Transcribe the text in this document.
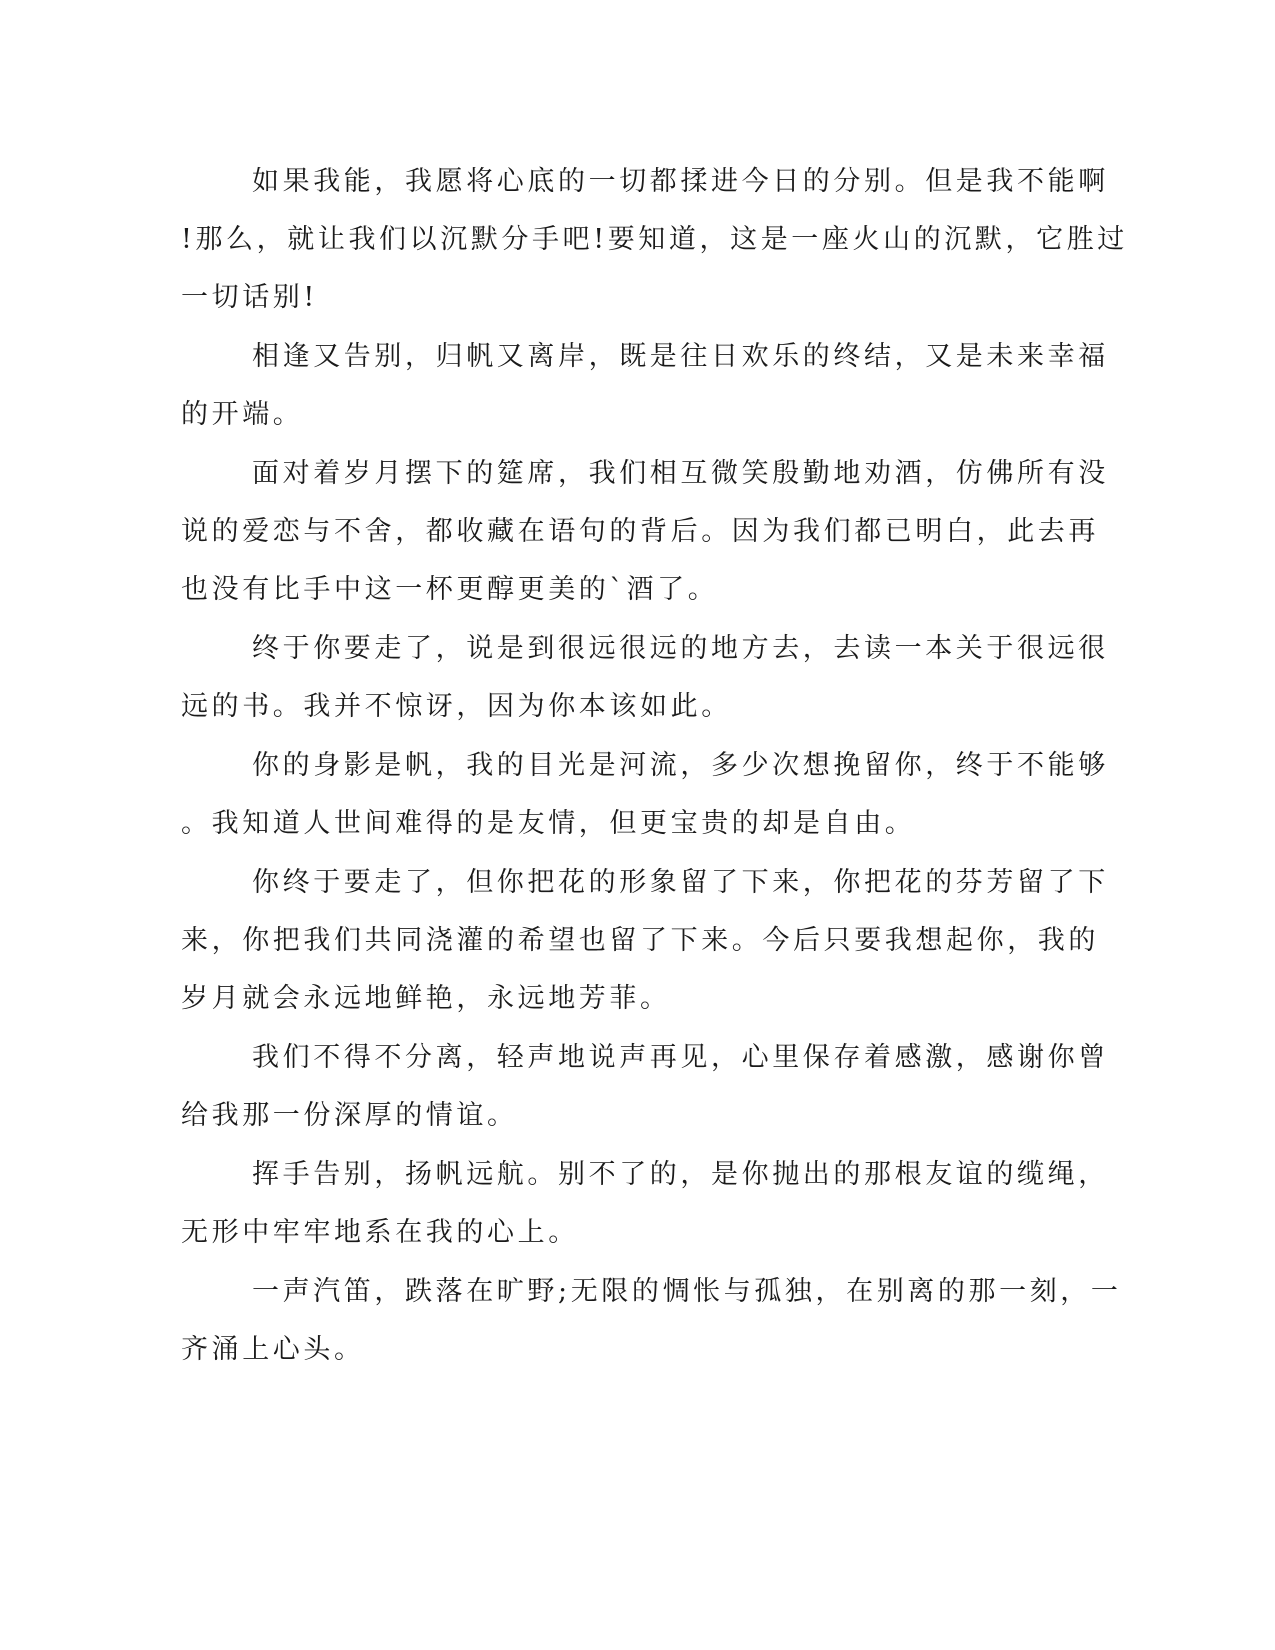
如果我能，我愿将心底的一切都揉进今日的分别。但是我不能啊
!那么，就让我们以沉默分手吧!要知道，这是一座火山的沉默，它胜过
一切话别!
相逢又告别，归帆又离岸，既是往日欢乐的终结，又是未来幸福
的开端。
面对着岁月摆下的筵席，我们相互微笑殷勤地劝酒，仿佛所有没
说的爱恋与不舍，都收藏在语句的背后。因为我们都已明白，此去再
也没有比手中这一杯更醇更美的`酒了。
终于你要走了，说是到很远很远的地方去，去读一本关于很远很
远的书。我并不惊讶，因为你本该如此。
你的身影是帆，我的目光是河流，多少次想挽留你，终于不能够
。我知道人世间难得的是友情，但更宝贵的却是自由。
你终于要走了，但你把花的形象留了下来，你把花的芬芳留了下
来，你把我们共同浇灌的希望也留了下来。今后只要我想起你，我的
岁月就会永远地鲜艳，永远地芳菲。
我们不得不分离，轻声地说声再见，心里保存着感激，感谢你曾
给我那一份深厚的情谊。
挥手告别，扬帆远航。别不了的，是你抛出的那根友谊的缆绳，
无形中牢牢地系在我的心上。
一声汽笛，跌落在旷野;无限的惆怅与孤独，在别离的那一刻，一
齐涌上心头。
